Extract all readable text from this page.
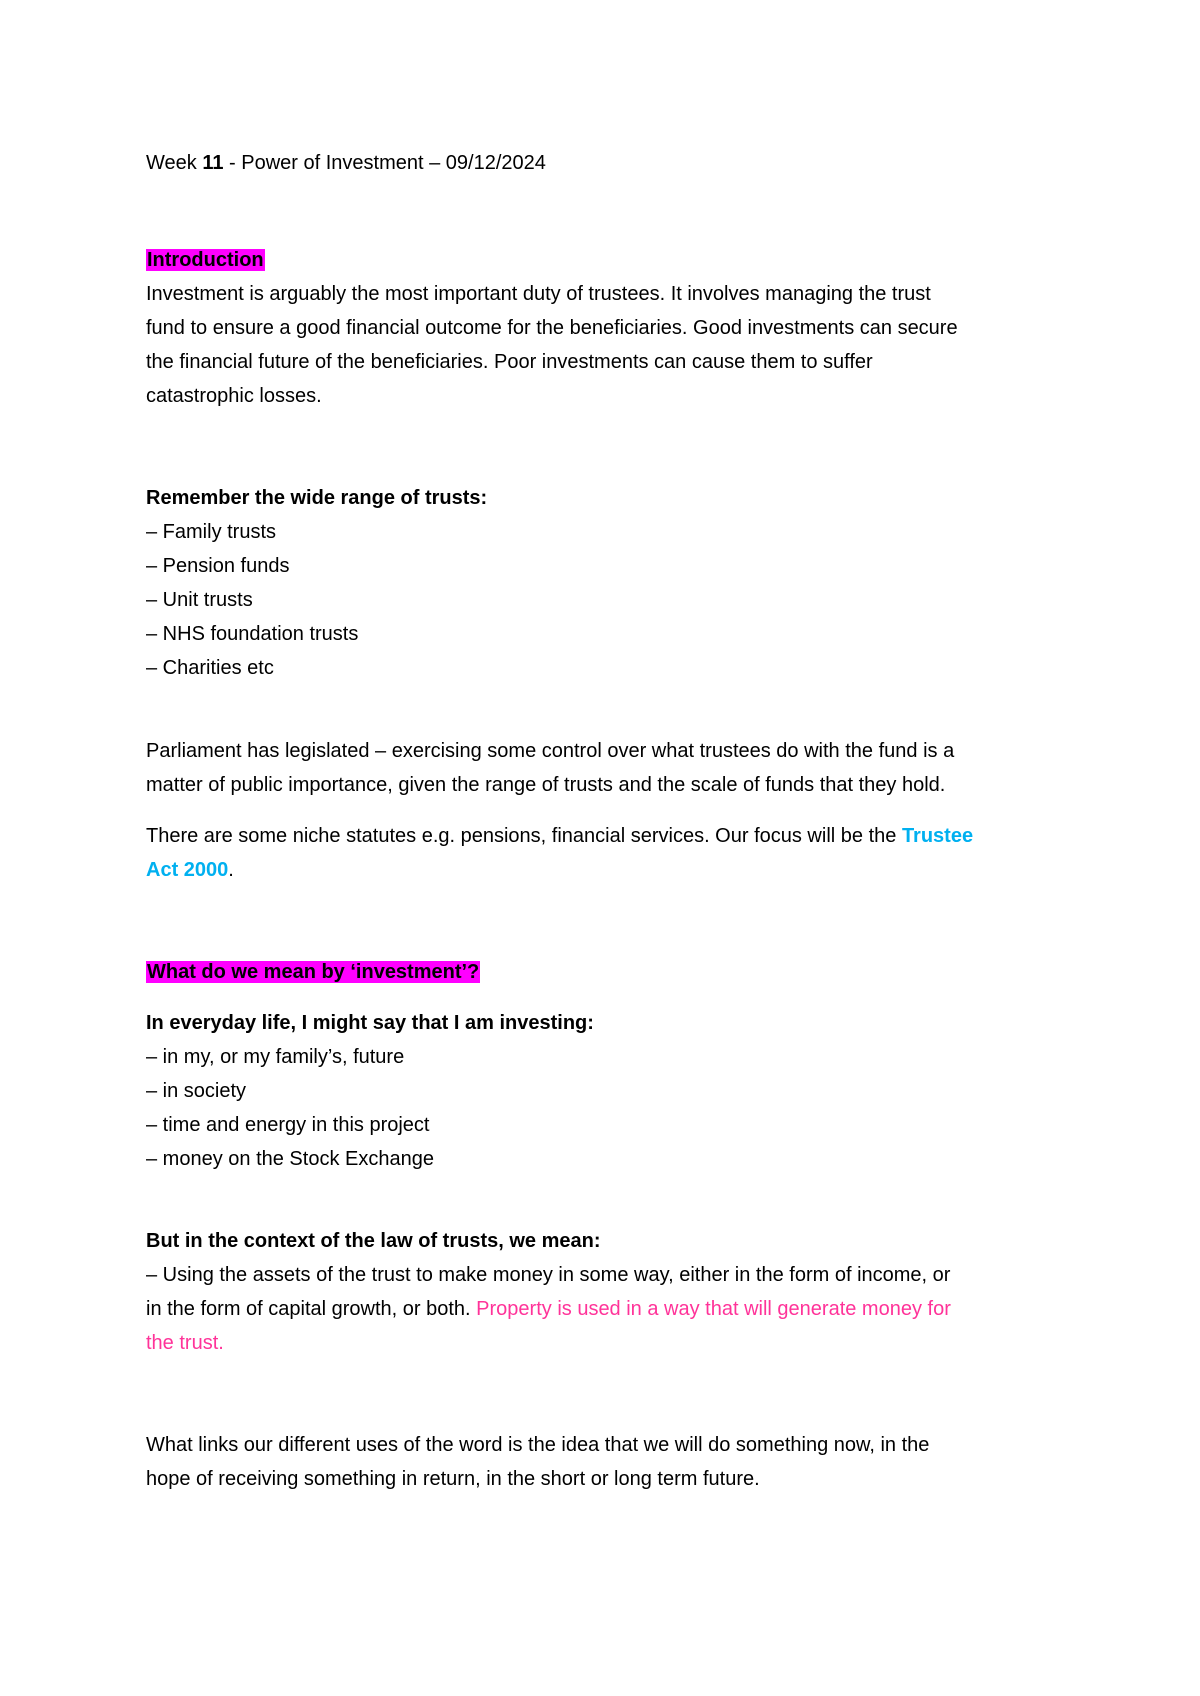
Week 11 - Power of Investment – 09/12/2024
Introduction
Investment is arguably the most important duty of trustees. It involves managing the trust
fund to ensure a good financial outcome for the beneficiaries. Good investments can secure
the financial future of the beneficiaries. Poor investments can cause them to suffer
catastrophic losses.
Remember the wide range of trusts:
– Family trusts
– Pension funds
– Unit trusts
– NHS foundation trusts
– Charities etc
Parliament has legislated – exercising some control over what trustees do with the fund is a
matter of public importance, given the range of trusts and the scale of funds that they hold.
There are some niche statutes e.g. pensions, financial services. Our focus will be the Trustee
Act 2000.
What do we mean by ‘investment’?
In everyday life, I might say that I am investing:
– in my, or my family’s, future
– in society
– time and energy in this project
– money on the Stock Exchange
But in the context of the law of trusts, we mean:
– Using the assets of the trust to make money in some way, either in the form of income, or
in the form of capital growth, or both. Property is used in a way that will generate money for
the trust.
What links our different uses of the word is the idea that we will do something now, in the
hope of receiving something in return, in the short or long term future.
